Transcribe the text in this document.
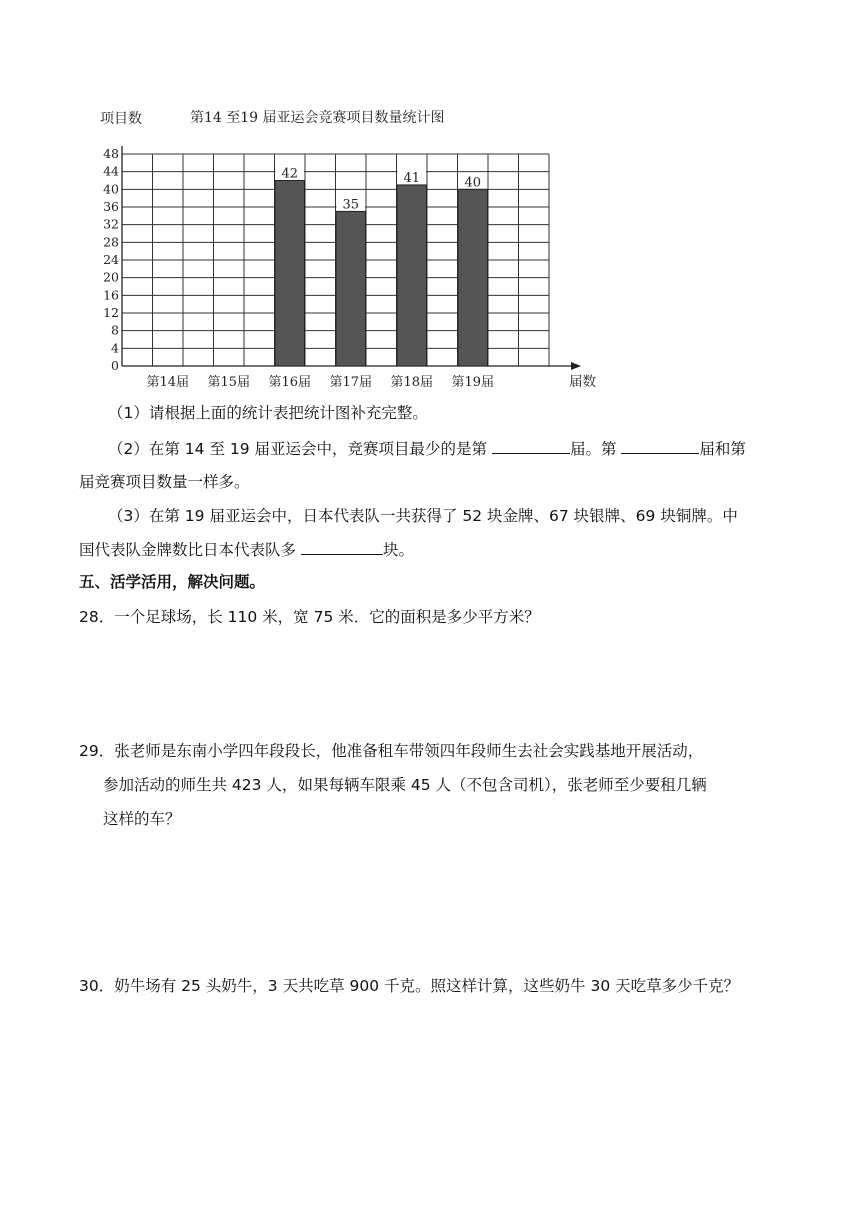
项目数	第14 至19 届亚运会竞赛项目数量统计图
0
4
8
12
16
20
24
28
32
36
40
44
48
届数
第14届 第15届 第16届
42
第17届
35
第18届
41
第19届
40
（1）请根据上面的统计表把统计图补充完整。
（2）在第 14 至 19 届亚运会中，竞赛项目最少的是第	届。第	届和第
届竞赛项目数量一样多。
（3）在第 19 届亚运会中，日本代表队一共获得了 52 块金牌、67 块银牌、69 块铜牌。中
国代表队金牌数比日本代表队多	块。
五、活学活用，解决问题。
28．一个足球场，长 110 米，宽 75 米．它的面积是多少平方米？
29．张老师是东南小学四年段段长，他准备租车带领四年段师生去社会实践基地开展活动，
参加活动的师生共 423 人，如果每辆车限乘 45 人（不包含司机），张老师至少要租几辆
这样的车？
30．奶牛场有 25 头奶牛，3 天共吃草 900 千克。照这样计算，这些奶牛 30 天吃草多少千克？
